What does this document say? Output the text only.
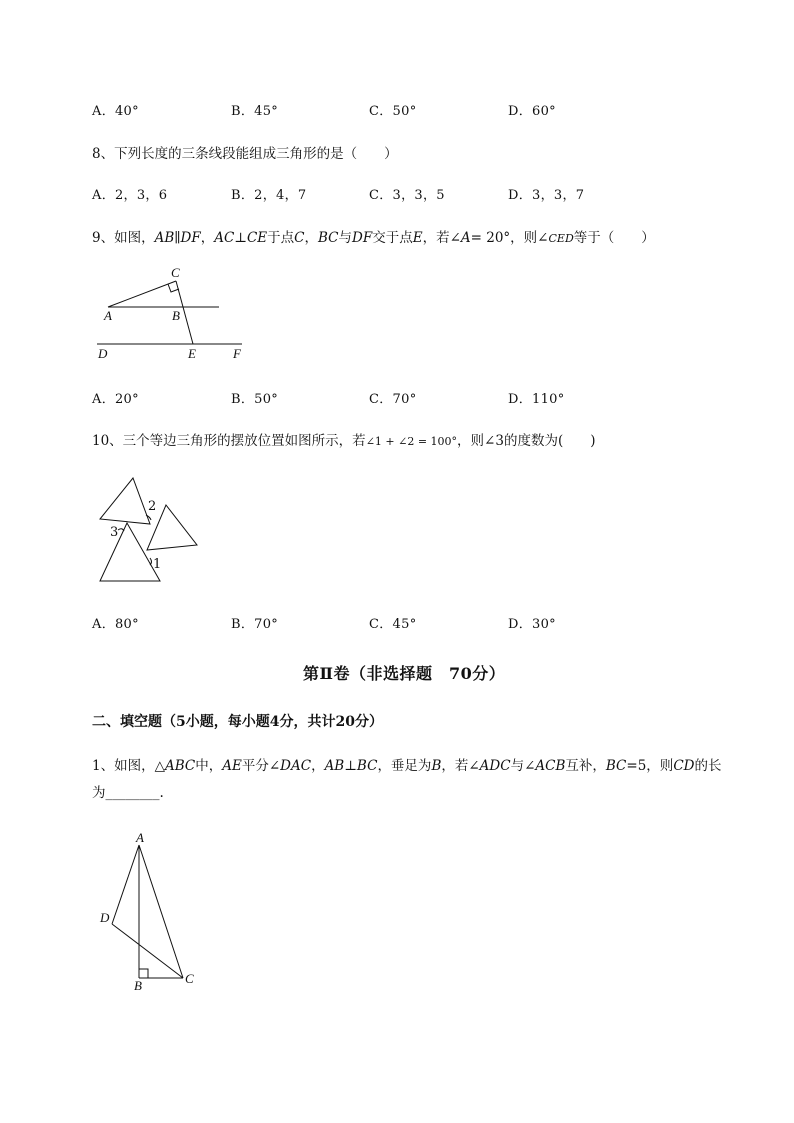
A．40°	B．45°	C．50°	D．60°
8、下列长度的三条线段能组成三角形的是（　　）
A．2，3，6	B．2，4，7	C．3，3，5	D．3，3，7
9、如图，AB∥DF，AC⊥CE于点C，BC与DF交于点E，若∠A= 20°，则∠CED等于（　　）
C
A	B
D	E	F
A．20°	B．50°	C．70°	D．110°
10、三个等边三角形的摆放位置如图所示，若∠1 + ∠2 = 100°，则∠3的度数为(　　)
2
3
1
A．80°	B．70°	C．45°	D．30°
第Ⅱ卷（非选择题　70分）
二、填空题（5小题，每小题4分，共计20分）
1、如图，△ABC中，AE平分∠DAC，AB⊥BC，垂足为B，若∠ADC与∠ACB互补，BC=5，则CD的长
为________.
A
D
B	C
